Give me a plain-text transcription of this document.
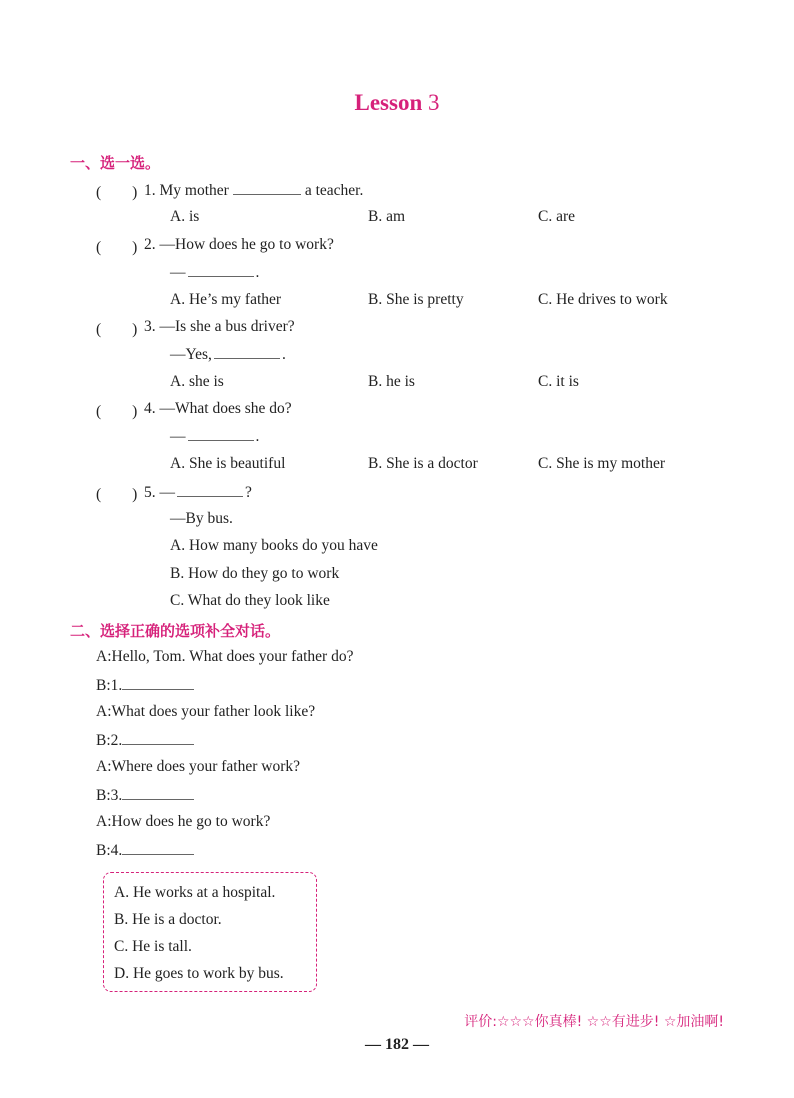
Lesson 3
一、选一选。
(　　) 1. My mother	a teacher.
A. is	B. am	C. are
(　　) 2. —How does he go to work?
—	.
A. He’s my father	B. She is pretty	C. He drives to work
(　　) 3. —Is she a bus driver?
—Yes,	.
A. she is	B. he is	C. it is
(　　) 4. —What does she do?
—	.
A. She is beautiful	B. She is a doctor	C. She is my mother
(　　) 5. —	?
—By bus.
A. How many books do you have
B. How do they go to work
C. What do they look like
二、选择正确的选项补全对话。
A:Hello, Tom. What does your father do?
B:1.
A:What does your father look like?
B:2.
A:Where does your father work?
B:3.
A:How does he go to work?
B:4.
A. He works at a hospital.
B. He is a doctor.
C. He is tall.
D. He goes to work by bus.
评价:☆☆☆你真棒! ☆☆有进步! ☆加油啊!
— 182 —
